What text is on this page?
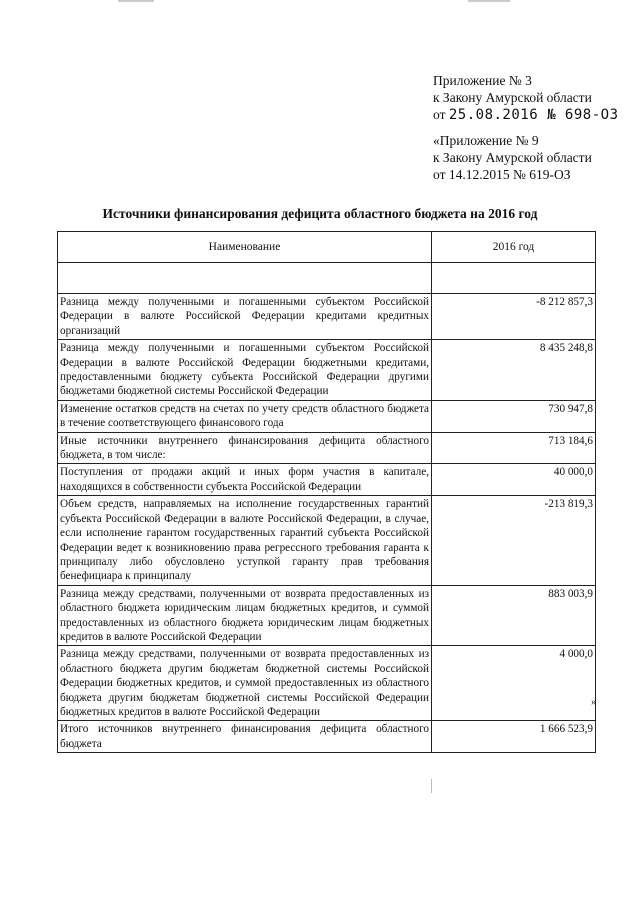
Приложение № 3
к Закону Амурской области
от 25.08.2016 № 698-ОЗ
«Приложение № 9
к Закону Амурской области
от 14.12.2015 № 619-ОЗ
Источники финансирования дефицита областного бюджета на 2016 год
Наименование	2016 год

Разница между полученными и погашенными субъектом Российской Федерации в валюте Российской Федерации кредитами кредитных организаций	-8 212 857,3
Разница между полученными и погашенными субъектом Российской Федерации в валюте Российской Федерации бюджетными кредитами, предоставленными бюджету субъекта Российской Федерации другими бюджетами бюджетной системы Российской Федерации	8 435 248,8
Изменение остатков средств на счетах по учету средств областного бюджета в течение соответствующего финансового года	730 947,8
Иные источники внутреннего финансирования дефицита областного бюджета, в том числе:	713 184,6
Поступления от продажи акций и иных форм участия в капитале, находящихся в собственности субъекта Российской Федерации	40 000,0
Объем средств, направляемых на исполнение государственных гарантий субъекта Российской Федерации в валюте Российской Федерации, в случае, если исполнение гарантом государственных гарантий субъекта Российской Федерации ведет к возникновению права регрессного требования гаранта к принципалу либо обусловлено уступкой гаранту прав требования бенефициара к принципалу	-213 819,3
Разница между средствами, полученными от возврата предоставленных из областного бюджета юридическим лицам бюджетных кредитов, и суммой предоставленных из областного бюджета юридическим лицам бюджетных кредитов в валюте Российской Федерации	883 003,9
Разница между средствами, полученными от возврата предоставленных из областного бюджета другим бюджетам бюджетной системы Российской Федерации бюджетных кредитов, и суммой предоставленных из областного бюджета другим бюджетам бюджетной системы Российской Федерации бюджетных кредитов в валюте Российской Федерации	4 000,0
Итого источников внутреннего финансирования дефицита областного бюджета	1 666 523,9
»
